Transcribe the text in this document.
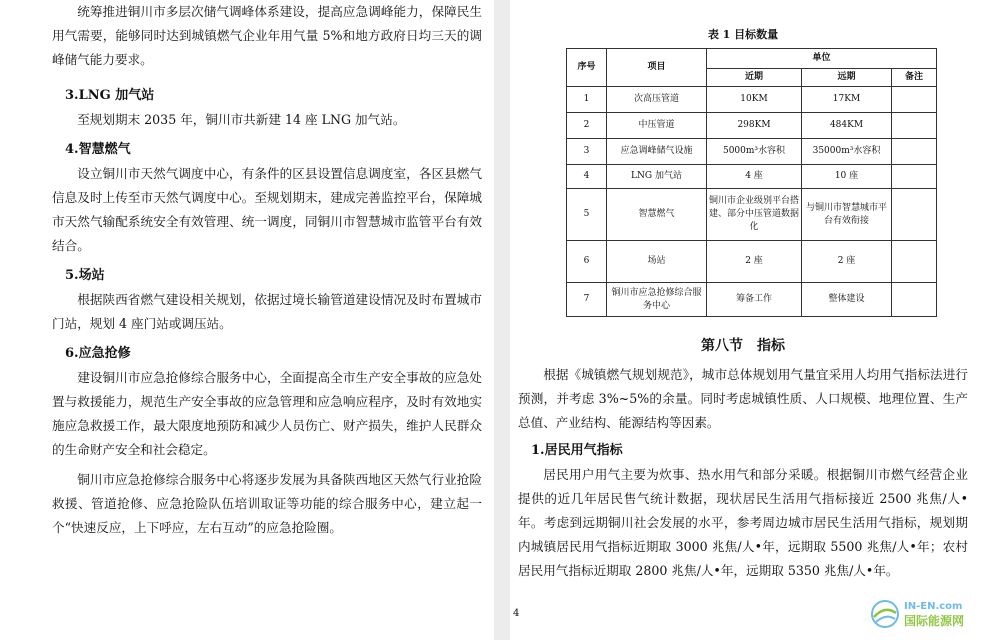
统筹推进铜川市多层次储气调峰体系建设，提高应急调峰能力，保障民生用气需要，能够同时达到城镇燃气企业年用气量 5%和地方政府日均三天的调峰储气能力要求。

3.LNG 加气站

至规划期末 2035 年，铜川市共新建 14 座 LNG 加气站。

4.智慧燃气

设立铜川市天然气调度中心，有条件的区县设置信息调度室，各区县燃气信息及时上传至市天然气调度中心。至规划期末，建成完善监控平台，保障城市天然气输配系统安全有效管理、统一调度，同铜川市智慧城市监管平台有效结合。

5.场站

根据陕西省燃气建设相关规划，依据过境长输管道建设情况及时布置城市门站，规划 4 座门站或调压站。

6.应急抢修

建设铜川市应急抢修综合服务中心，全面提高全市生产安全事故的应急处置与救援能力，规范生产安全事故的应急管理和应急响应程序，及时有效地实施应急救援工作，最大限度地预防和减少人员伤亡、财产损失，维护人民群众的生命财产安全和社会稳定。

铜川市应急抢修综合服务中心将逐步发展为具备陕西地区天然气行业抢险救援、管道抢修、应急抢险队伍培训取证等功能的综合服务中心，建立起一个“快速反应，上下呼应，左右互动”的应急抢险圈。

表 1 目标数量
序号	项目	单位		
		近期	远期	备注
1	次高压管道	10KM	17KM	
2	中压管道	298KM	484KM	
3	应急调峰储气设施	5000m³水容积	35000m³水容积	
4	LNG 加气站	4 座	10 座	
5	智慧燃气	铜川市企业级别平台搭建、部分中压管道数据化	与铜川市智慧城市平台有效衔接	
6	场站	2 座	2 座	
7	铜川市应急抢修综合服务中心	筹备工作	整体建设	
第八节　指标

根据《城镇燃气规划规范》，城市总体规划用气量宜采用人均用气指标法进行预测，并考虑 3%~5%的余量。同时考虑城镇性质、人口规模、地理位置、生产总值、产业结构、能源结构等因素。

1.居民用气指标

居民用户用气主要为炊事、热水用气和部分采暖。根据铜川市燃气经营企业提供的近几年居民售气统计数据，现状居民生活用气指标接近 2500 兆焦/人•年。考虑到远期铜川社会发展的水平，参考周边城市居民生活用气指标，规划期内城镇居民用气指标近期取 3000 兆焦/人•年，远期取 5500 兆焦/人•年；农村居民用气指标近期取 2800 兆焦/人•年，远期取 5350 兆焦/人•年。

4
IN-EN.com
国际能源网
